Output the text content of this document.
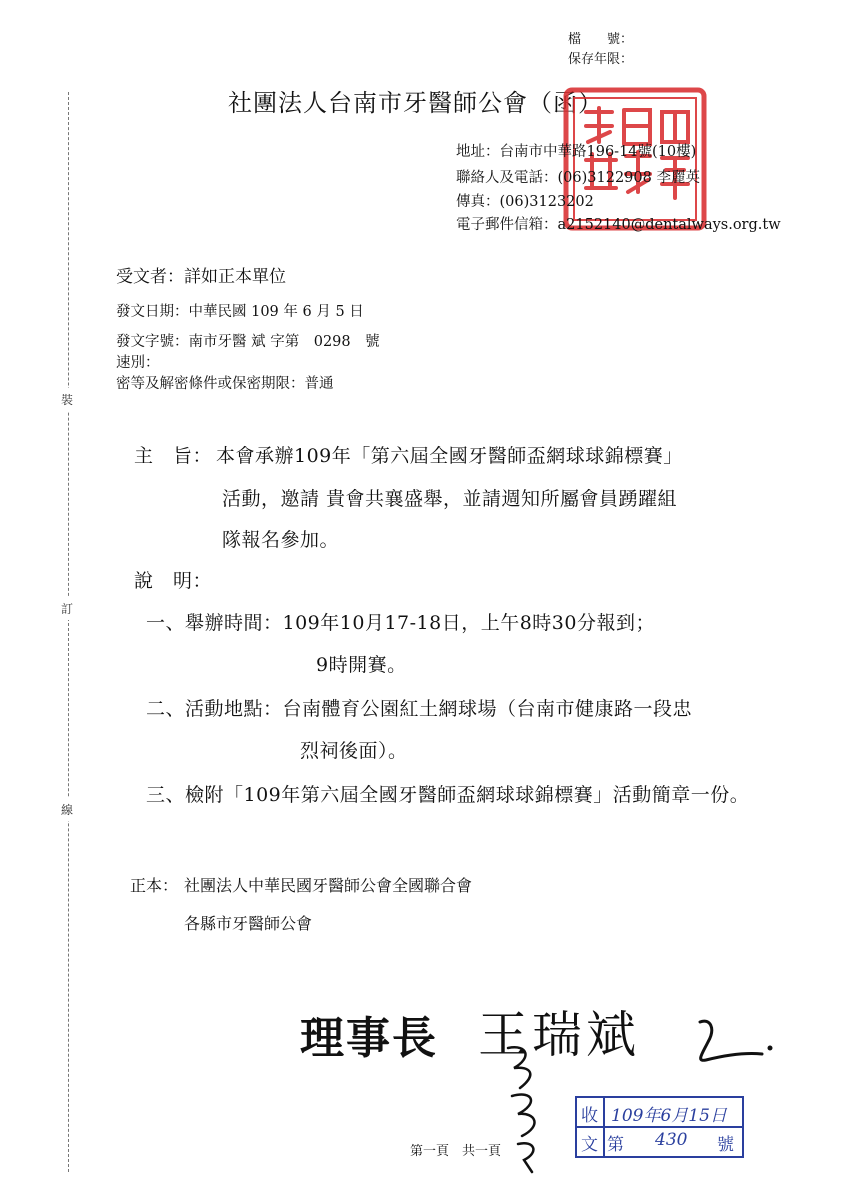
裝
訂
線
檔　　號：
保存年限：
社團法人台南市牙醫師公會（函）
地址：台南市中華路196-14號(10樓)
聯絡人及電話：(06)3122908 李麗英
傳真：(06)3123202
電子郵件信箱：a2152140@dentalways.org.tw
受文者：詳如正本單位
發文日期：中華民國 109 年 6 月 5 日
發文字號：南市牙醫 斌 字第　0298　號
速別：
密等及解密條件或保密期限：普通
主　旨： 本會承辦109年「第六屆全國牙醫師盃網球球錦標賽」
活動，邀請 貴會共襄盛舉，並請週知所屬會員踴躍組
隊報名參加。
說　明：
一、舉辦時間：109年10月17-18日，上午8時30分報到；
9時開賽。
二、活動地點：台南體育公園紅土網球場（台南市健康路一段忠
烈祠後面）。
三、檢附「109年第六屆全國牙醫師盃網球球錦標賽」活動簡章一份。
正本： 社團法人中華民國牙醫師公會全國聯合會
各縣市牙醫師公會
理事長 王瑞斌
第一頁　共一頁
收
文
109年6月15日
第 430 號
